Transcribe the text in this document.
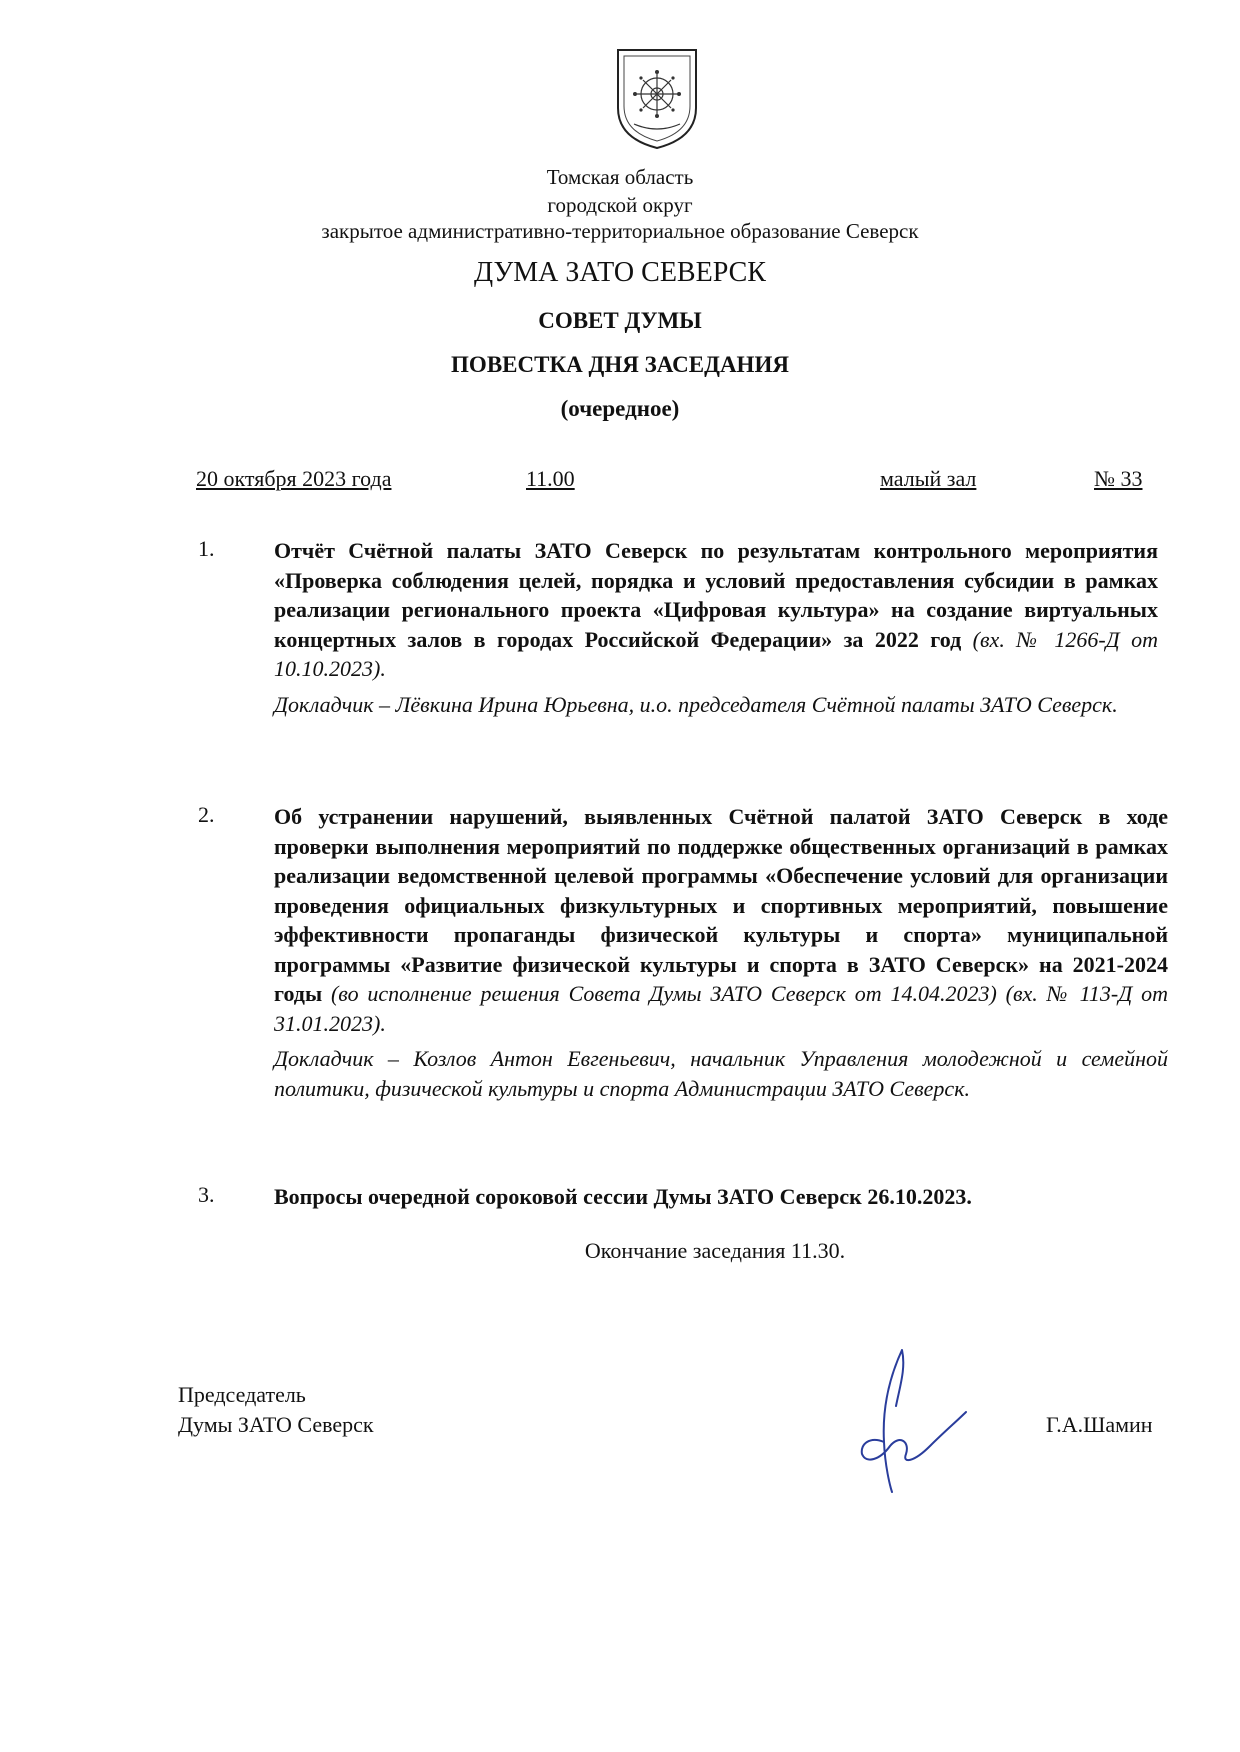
Томская область
городской округ
закрытое административно-территориальное образование Северск
ДУМА ЗАТО СЕВЕРСК
СОВЕТ ДУМЫ
ПОВЕСТКА ДНЯ ЗАСЕДАНИЯ
(очередное)
20 октября 2023 года	11.00	малый зал	№ 33
1.	Отчёт Счётной палаты ЗАТО Северск по результатам контрольного мероприятия «Проверка соблюдения целей, порядка и условий предоставления субсидии в рамках реализации регионального проекта «Цифровая культура» на создание виртуальных концертных залов в городах Российской Федерации» за 2022 год (вх. № 1266-Д от 10.10.2023).
Докладчик – Лёвкина Ирина Юрьевна, и.о. председателя Счётной палаты ЗАТО Северск.
2.	Об устранении нарушений, выявленных Счётной палатой ЗАТО Северск в ходе проверки выполнения мероприятий по поддержке общественных организаций в рамках реализации ведомственной целевой программы «Обеспечение условий для организации проведения официальных физкультурных и спортивных мероприятий, повышение эффективности пропаганды физической культуры и спорта» муниципальной программы «Развитие физической культуры и спорта в ЗАТО Северск» на 2021-2024 годы (во исполнение решения Совета Думы ЗАТО Северск от 14.04.2023) (вх. № 113-Д от 31.01.2023).
Докладчик – Козлов Антон Евгеньевич, начальник Управления молодежной и семейной политики, физической культуры и спорта Администрации ЗАТО Северск.
3.	Вопросы очередной сороковой сессии Думы ЗАТО Северск 26.10.2023.
Окончание заседания 11.30.
Председатель
Думы ЗАТО Северск	Г.А.Шамин
